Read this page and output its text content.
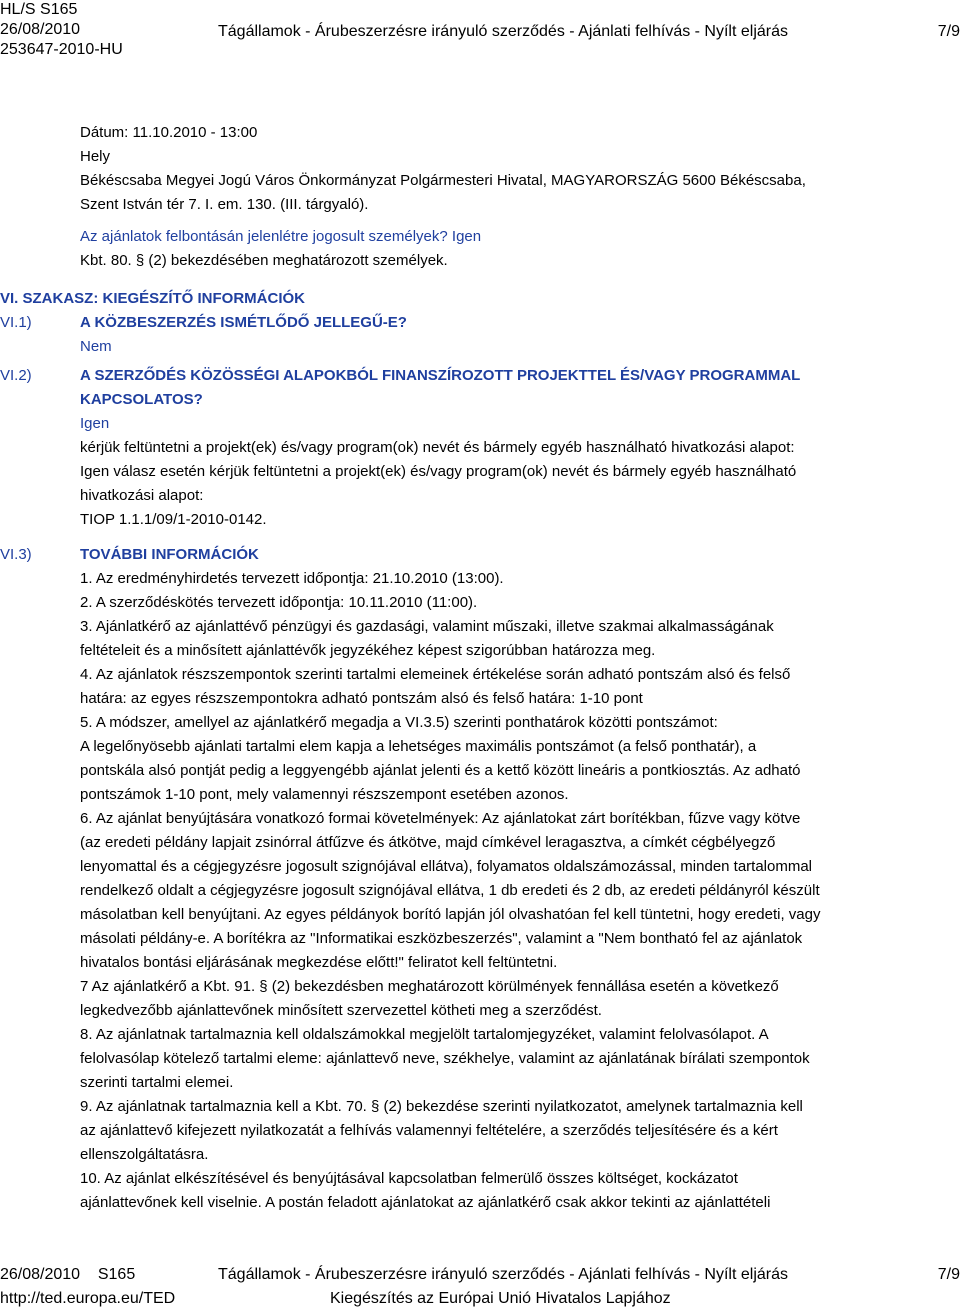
HL/S S165
26/08/2010
253647-2010-HU
Tágállamok - Árubeszerzésre irányuló szerződés - Ajánlati felhívás - Nyílt eljárás	7/9

Dátum: 11.10.2010 - 13:00

Hely

Békéscsaba Megyei Jogú Város Önkormányzat Polgármesteri Hivatal, MAGYARORSZÁG 5600 Békéscsaba,

Szent István tér 7. I. em. 130. (III. tárgyaló).

Az ajánlatok felbontásán jelenlétre jogosult személyek? Igen

Kbt. 80. § (2) bekezdésében meghatározott személyek.

VI. SZAKASZ: KIEGÉSZÍTŐ INFORMÁCIÓK

VI.1)	A KÖZBESZERZÉS ISMÉTLŐDŐ JELLEGŰ-E?

Nem

VI.2)	A SZERZŐDÉS KÖZÖSSÉGI ALAPOKBÓL FINANSZÍROZOTT PROJEKTTEL ÉS/VAGY PROGRAMMAL

KAPCSOLATOS?

Igen

kérjük feltüntetni a projekt(ek) és/vagy program(ok) nevét és bármely egyéb használható hivatkozási alapot:

Igen válasz esetén kérjük feltüntetni a projekt(ek) és/vagy program(ok) nevét és bármely egyéb használható

hivatkozási alapot:

TIOP 1.1.1/09/1-2010-0142.

VI.3)	TOVÁBBI INFORMÁCIÓK

1. Az eredményhirdetés tervezett időpontja: 21.10.2010 (13:00).

2. A szerződéskötés tervezett időpontja: 10.11.2010 (11:00).

3. Ajánlatkérő az ajánlattévő pénzügyi és gazdasági, valamint műszaki, illetve szakmai alkalmasságának

feltételeit és a minősített ajánlattévők jegyzékéhez képest szigorúbban határozza meg.

4. Az ajánlatok részszempontok szerinti tartalmi elemeinek értékelése során adható pontszám alsó és felső

határa: az egyes részszempontokra adható pontszám alsó és felső határa: 1-10 pont

5. A módszer, amellyel az ajánlatkérő megadja a VI.3.5) szerinti ponthatárok közötti pontszámot:

A legelőnyösebb ajánlati tartalmi elem kapja a lehetséges maximális pontszámot (a felső ponthatár), a

pontskála alsó pontját pedig a leggyengébb ajánlat jelenti és a kettő között lineáris a pontkiosztás. Az adható

pontszámok 1-10 pont, mely valamennyi részszempont esetében azonos.

6. Az ajánlat benyújtására vonatkozó formai követelmények: Az ajánlatokat zárt borítékban, fűzve vagy kötve

(az eredeti példány lapjait zsinórral átfűzve és átkötve, majd címkével leragasztva, a címkét cégbélyegző

lenyomattal és a cégjegyzésre jogosult szignójával ellátva), folyamatos oldalszámozással, minden tartalommal

rendelkező oldalt a cégjegyzésre jogosult szignójával ellátva, 1 db eredeti és 2 db, az eredeti példányról készült

másolatban kell benyújtani. Az egyes példányok borító lapján jól olvashatóan fel kell tüntetni, hogy eredeti, vagy

másolati példány-e. A borítékra az "Informatikai eszközbeszerzés", valamint a "Nem bontható fel az ajánlatok

hivatalos bontási eljárásának megkezdése előtt!" feliratot kell feltüntetni.

7 Az ajánlatkérő a Kbt. 91. § (2) bekezdésben meghatározott körülmények fennállása esetén a következő

legkedvezőbb ajánlattevőnek minősített szervezettel kötheti meg a szerződést.

8. Az ajánlatnak tartalmaznia kell oldalszámokkal megjelölt tartalomjegyzéket, valamint felolvasólapot. A

felolvasólap kötelező tartalmi eleme: ajánlattevő neve, székhelye, valamint az ajánlatának bírálati szempontok

szerinti tartalmi elemei.

9. Az ajánlatnak tartalmaznia kell a Kbt. 70. § (2) bekezdése szerinti nyilatkozatot, amelynek tartalmaznia kell

az ajánlattevő kifejezett nyilatkozatát a felhívás valamennyi feltételére, a szerződés teljesítésére és a kért

ellenszolgáltatásra.

10. Az ajánlat elkészítésével és benyújtásával kapcsolatban felmerülő összes költséget, kockázatot

ajánlattevőnek kell viselnie. A postán feladott ajánlatokat az ajánlatkérő csak akkor tekinti az ajánlattételi

26/08/2010 S165	Tágállamok - Árubeszerzésre irányuló szerződés - Ajánlati felhívás - Nyílt eljárás	7/9
http://ted.europa.eu/TED	Kiegészítés az Európai Unió Hivatalos Lapjához
